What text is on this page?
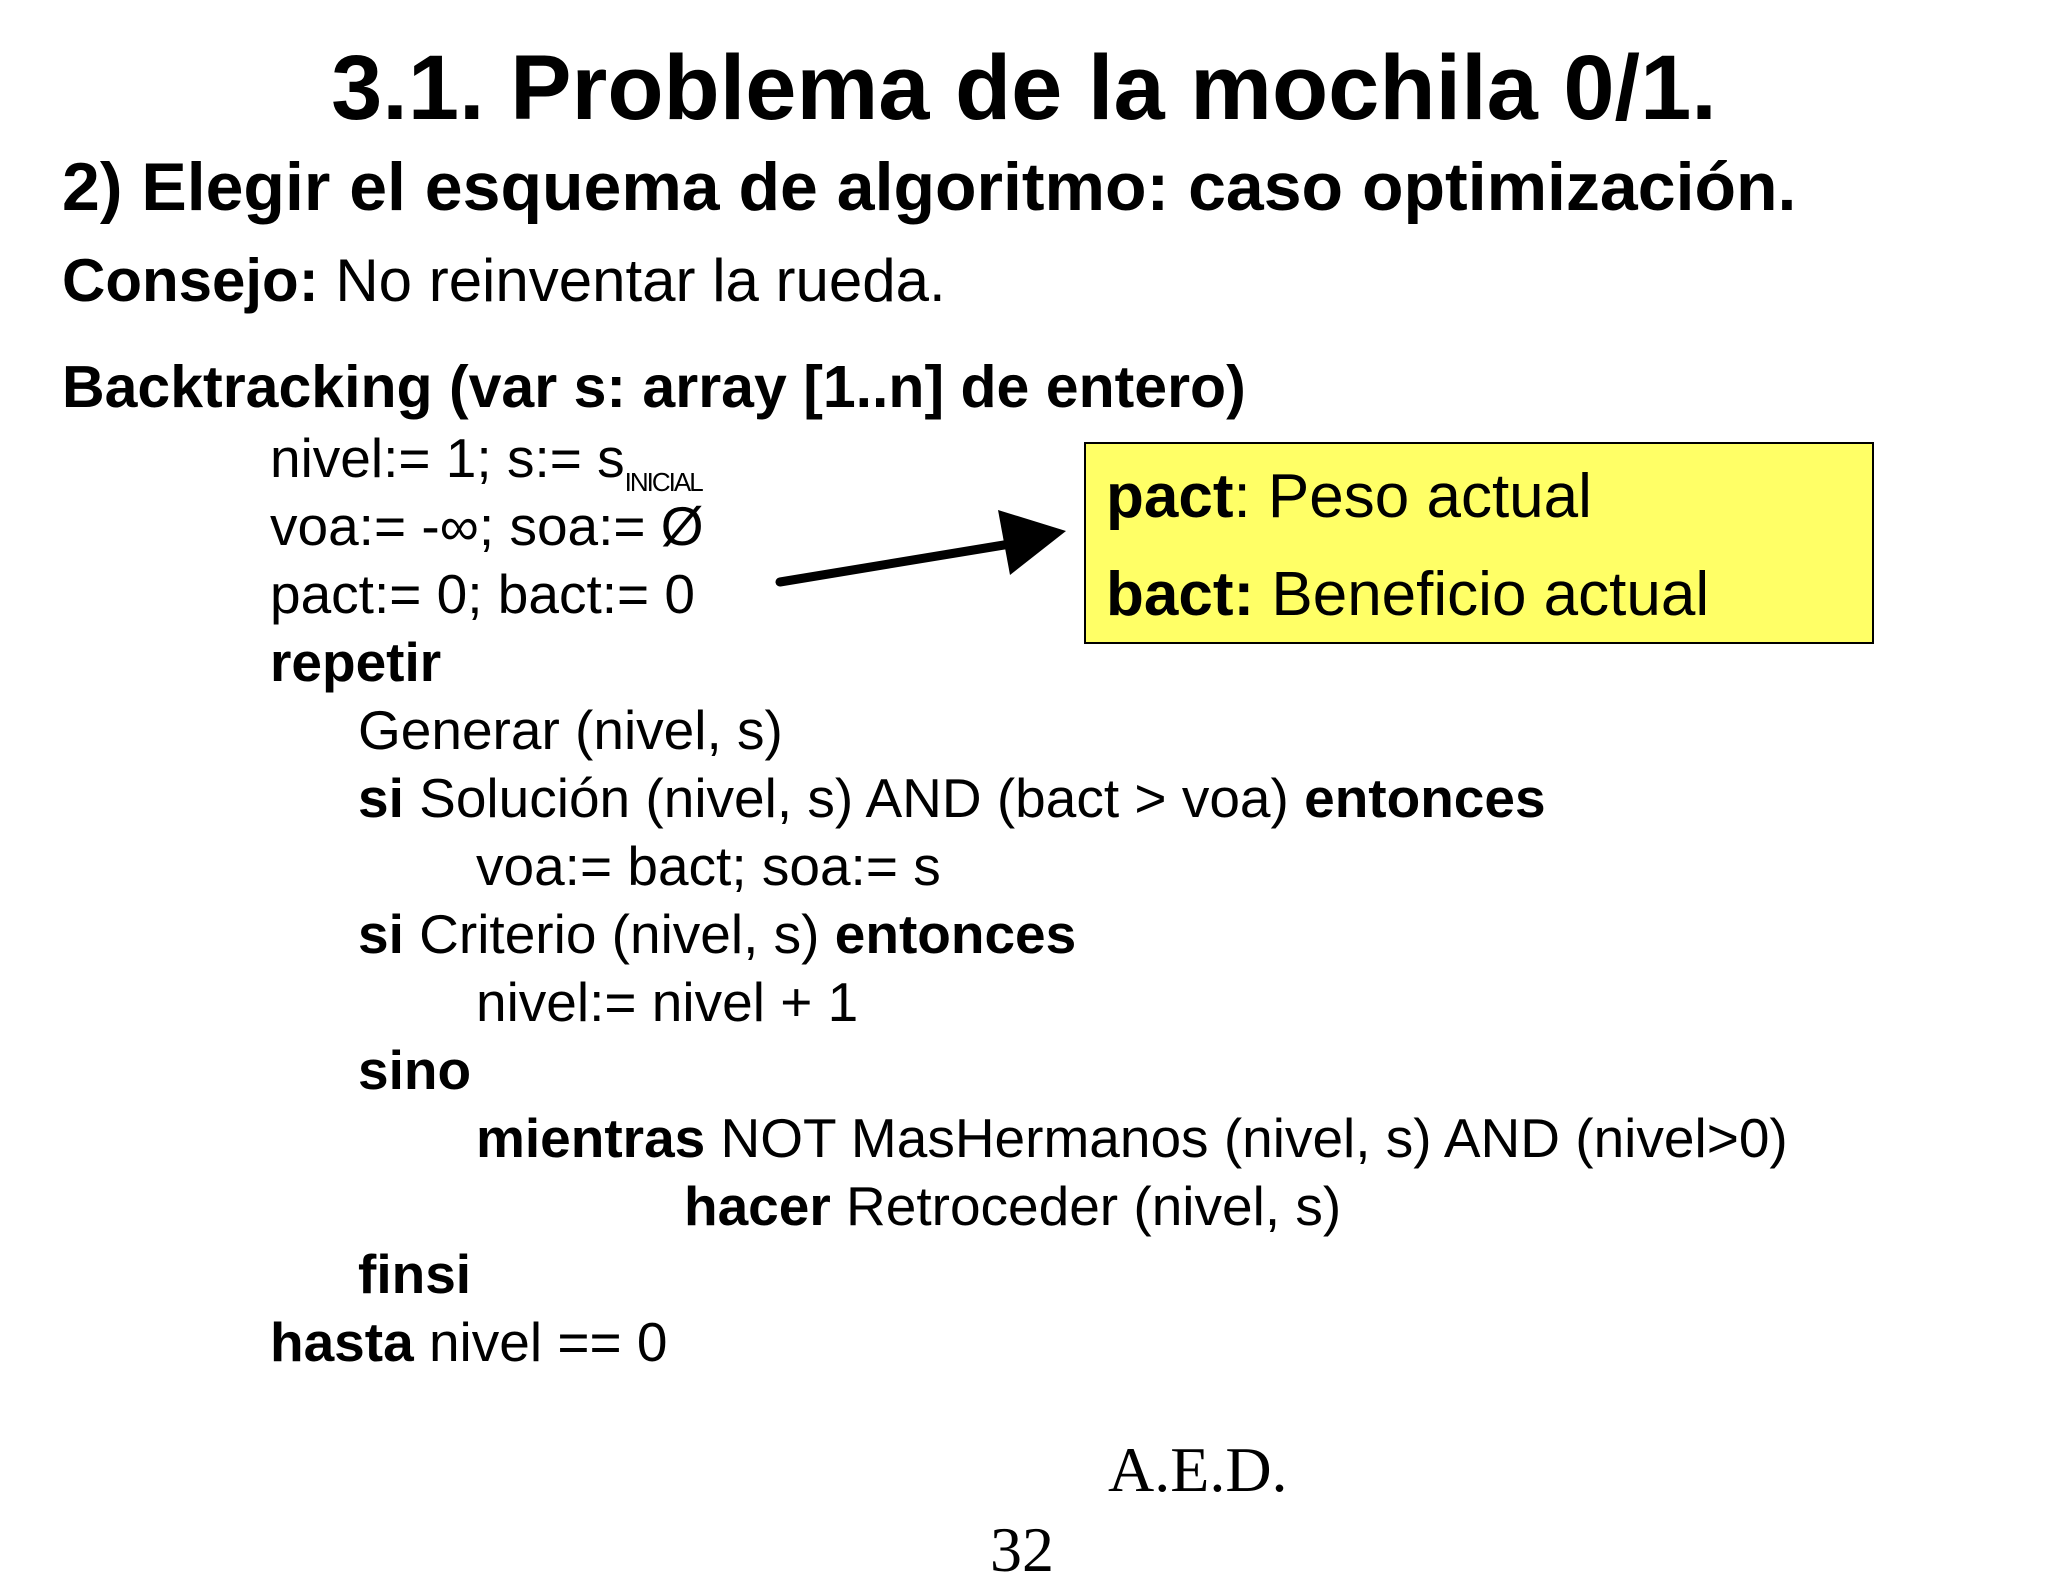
3.1. Problema de la mochila 0/1.
2) Elegir el esquema de algoritmo: caso optimización.
Consejo: No reinventar la rueda.
Backtracking (var s: array [1..n] de entero)
nivel:= 1; s:= $s_{INICIAL}$
voa:= -∞; soa:= Ø
pact:= 0; bact:= 0
repetir
Generar (nivel, s)
si Solución (nivel, s) AND (bact > voa) entonces
voa:= bact; soa:= s
si Criterio (nivel, s) entonces
nivel:= nivel + 1
sino
mientras NOT MasHermanos (nivel, s) AND (nivel>0)
hacer Retroceder (nivel, s)
finsi
hasta nivel == 0
pact: Peso actual
bact: Beneficio actual
A.E.D.
32
